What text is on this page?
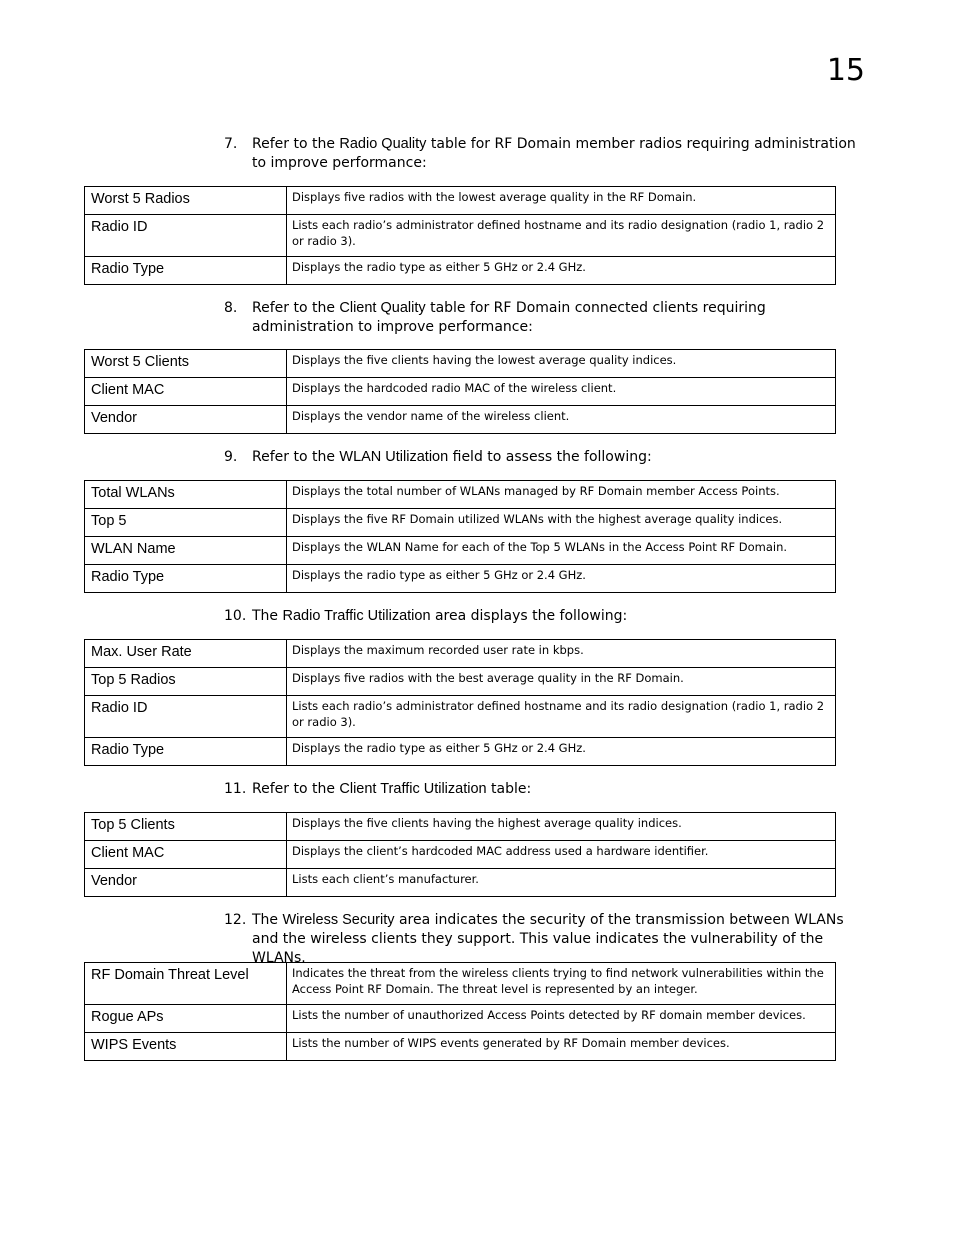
15
7.	Refer to the Radio Quality table for RF Domain member radios requiring administration to improve performance:
Worst 5 Radios	Displays five radios with the lowest average quality in the RF Domain.
Radio ID	Lists each radio’s administrator defined hostname and its radio designation (radio 1, radio 2 or radio 3).
Radio Type	Displays the radio type as either 5 GHz or 2.4 GHz.
8.	Refer to the Client Quality table for RF Domain connected clients requiring administration to improve performance:
Worst 5 Clients	Displays the five clients having the lowest average quality indices.
Client MAC	Displays the hardcoded radio MAC of the wireless client.
Vendor	Displays the vendor name of the wireless client.
9.	Refer to the WLAN Utilization field to assess the following:
Total WLANs	Displays the total number of WLANs managed by RF Domain member Access Points.
Top 5	Displays the five RF Domain utilized WLANs with the highest average quality indices.
WLAN Name	Displays the WLAN Name for each of the Top 5 WLANs in the Access Point RF Domain.
Radio Type	Displays the radio type as either 5 GHz or 2.4 GHz.
10. The Radio Traffic Utilization area displays the following:
Max. User Rate	Displays the maximum recorded user rate in kbps.
Top 5 Radios	Displays five radios with the best average quality in the RF Domain.
Radio ID	Lists each radio’s administrator defined hostname and its radio designation (radio 1, radio 2 or radio 3).
Radio Type	Displays the radio type as either 5 GHz or 2.4 GHz.
11. Refer to the Client Traffic Utilization table:
Top 5 Clients	Displays the five clients having the highest average quality indices.
Client MAC	Displays the client’s hardcoded MAC address used a hardware identifier.
Vendor	Lists each client’s manufacturer.
12. The Wireless Security area indicates the security of the transmission between WLANs and the wireless clients they support. This value indicates the vulnerability of the WLANs.
RF Domain Threat Level	Indicates the threat from the wireless clients trying to find network vulnerabilities within the Access Point RF Domain. The threat level is represented by an integer.
Rogue APs	Lists the number of unauthorized Access Points detected by RF domain member devices.
WIPS Events	Lists the number of WIPS events generated by RF Domain member devices.
